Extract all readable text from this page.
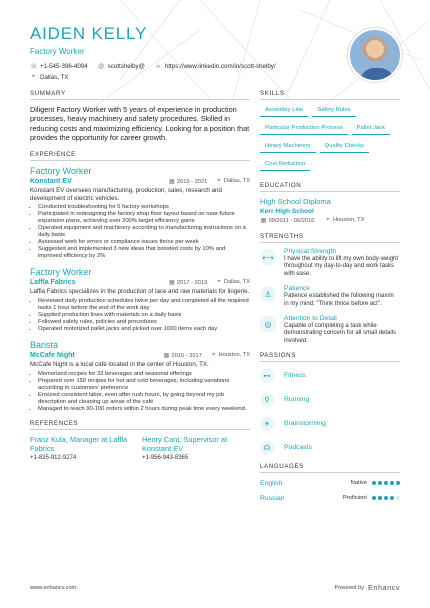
AIDEN KELLY
Factory Worker
☏ +1-545-396-4094 @ scottshelby@ ∞ https://www.linkedin.com/in/scott-shelby/
⌖ Dallas, TX
SUMMARY
Diligent Factory Worker with 5 years of experience in production processes, heavy machinery and safety procedures. Skilled in reducing costs and maximizing efficiency. Looking for a position that provides the opportunity for career growth.
EXPERIENCE
Factory Worker
Konstant EV	▦ 2019 - 2021 ⌖ Dallas, TX
Konstant EV oversees manufacturing, production, sales, research and development of electric vehicles.
• Conducted troubleshooting for 5 factory workshops
• Participated in redesigning the factory shop floor layout based on near-future expansion plans, achieving over 200% target efficiency gains
• Operated equipment and machinery according to manufacturing instructions on a daily basis
• Assessed work for errors or compliance issues thrice per week
• Suggested and implemented 3 new ideas that boosted costs by 10% and improved efficiency by 2%
Factory Worker
Laffla Fabrics	▦ 2017 - 2019 ⌖ Dallas, TX
Laffla Fabrics specializes in the production of lace and raw materials for lingerie.
• Reviewed daily production schedules twice per day and completed all the required tasks 1 hour before the end of the work day
• Supplied production lines with materials on a daily basis
• Followed safety rules, policies and procedures
• Operated motorized pallet jacks and picked over 1000 items each day
Barista
McCafe Night	▦ 2016 - 2017 ⌖ Houston, TX
McCafe Night is a local café located in the center of Houston, TX.
• Memorized recipes for 33 beverages and seasonal offerings
• Prepared over 150 recipes for hot and cold beverages, including variations according to customers' preference
• Ensured consistent labor, even after rush hours, by going beyond my job description and cleaning up areas of the café
• Managed to reach 90-100 orders within 2 hours during peak time every weekend.
REFERENCES
Franz Kula, Manager at Laffla Fabrics
+1-835-912-9274
Henry Cant, Supervisor at Konstant EV
+1-956-943-8365
SKILLS
Assembly Line	Safety Rules
Particular Production Process	Pallet Jack
Heavy Machinery	Quality Checks
Cost Reduction
EDUCATION
High School Diploma
Kerr High School
▦ 09/2011 - 06/2016 ⌖ Houston, TX
STRENGTHS
⟷
Physical Strength
I have the ability to lift my own body-weight throughout my day-to-day and work tasks with ease.
♙
Patience
Patience established the following maxim in my mind: "Think thrice before act".
◎
Attention to Detail
Capable of completing a task while demonstrating concern for all small details involved.
PASSIONS
⊷	Fitness
⚲	Running
☀	Brainstorming
☊	Podcasts
LANGUAGES
English	Native
Russian	Proficient
www.enhancv.com	Powered by Enhancv
